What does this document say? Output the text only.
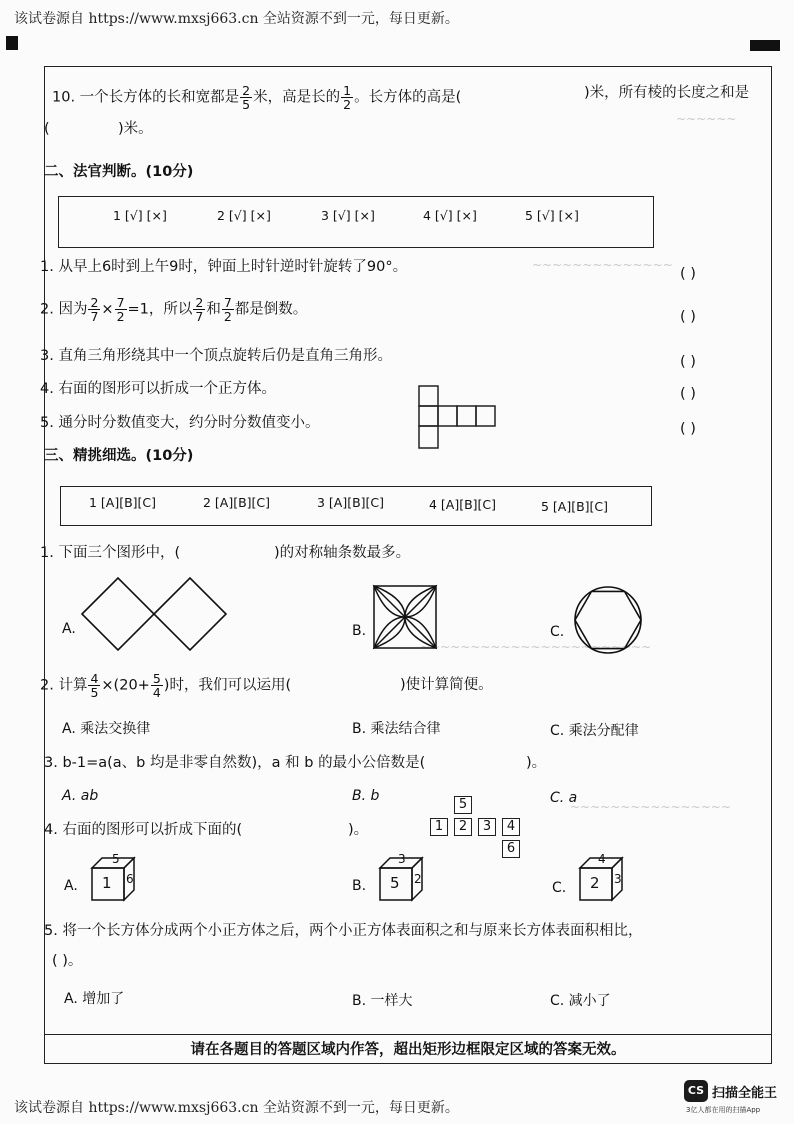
该试卷源自 https://www.mxsj663.cn 全站资源不到一元，每日更新。
~~~~~~
~~~~~~~~~~~~~~
~~~~~~~~~~~~~~~~~~~~~~~
~~~~~~~~~~~~~~~~
10. 一个长方体的长和宽都是 $\frac{2}{5}$ 米，高是长的 $\frac{1}{2}$ 。长方体的高是(	)米，所有棱的长度之和是
(	)米。
二、法官判断。(10分)
1 [√] [×]	2 [√] [×]	3 [√] [×]	4 [√] [×]	5 [√] [×]
1. 从早上6时到上午9时，钟面上时针逆时针旋转了90°。	( )
2. 因为 $\frac{2}{7} \times \frac{7}{2} =1$，所以 $\frac{2}{7}$ 和 $\frac{7}{2}$ 都是倒数。	( )
3. 直角三角形绕其中一个顶点旋转后仍是直角三角形。	( )
4. 右面的图形可以折成一个正方体。	( )
5. 通分时分数值变大，约分时分数值变小。	( )
三、精挑细选。(10分)
1 [A][B][C]	2 [A][B][C]	3 [A][B][C]	4 [A][B][C]	5 [A][B][C]
1. 下面三个图形中，(	)的对称轴条数最多。
A.	B.	C.
2. 计算 $\frac{4}{5} \times(20+ \frac{5}{4}$ )时，我们可以运用(	)使计算简便。
A. 乘法交换律	B. 乘法结合律	C. 乘法分配律
3. b-1=a(a、b 均是非零自然数)，a 和 b 的最小公倍数是(	)。
A. ab	B. b	C. a
4. 右面的图形可以折成下面的(	)。
5
1	2	3	4
6
A. 1
5
6	B. 5
3
2
C. 2
4
3
5. 将一个长方体分成两个小正方体之后，两个小正方体表面积之和与原来长方体表面积相比，
( )。
A. 增加了	B. 一样大	C. 减小了
请在各题目的答题区域内作答，超出矩形边框限定区域的答案无效。
该试卷源自 https://www.mxsj663.cn 全站资源不到一元，每日更新。
CS 扫描全能王
3亿人都在用的扫描App
